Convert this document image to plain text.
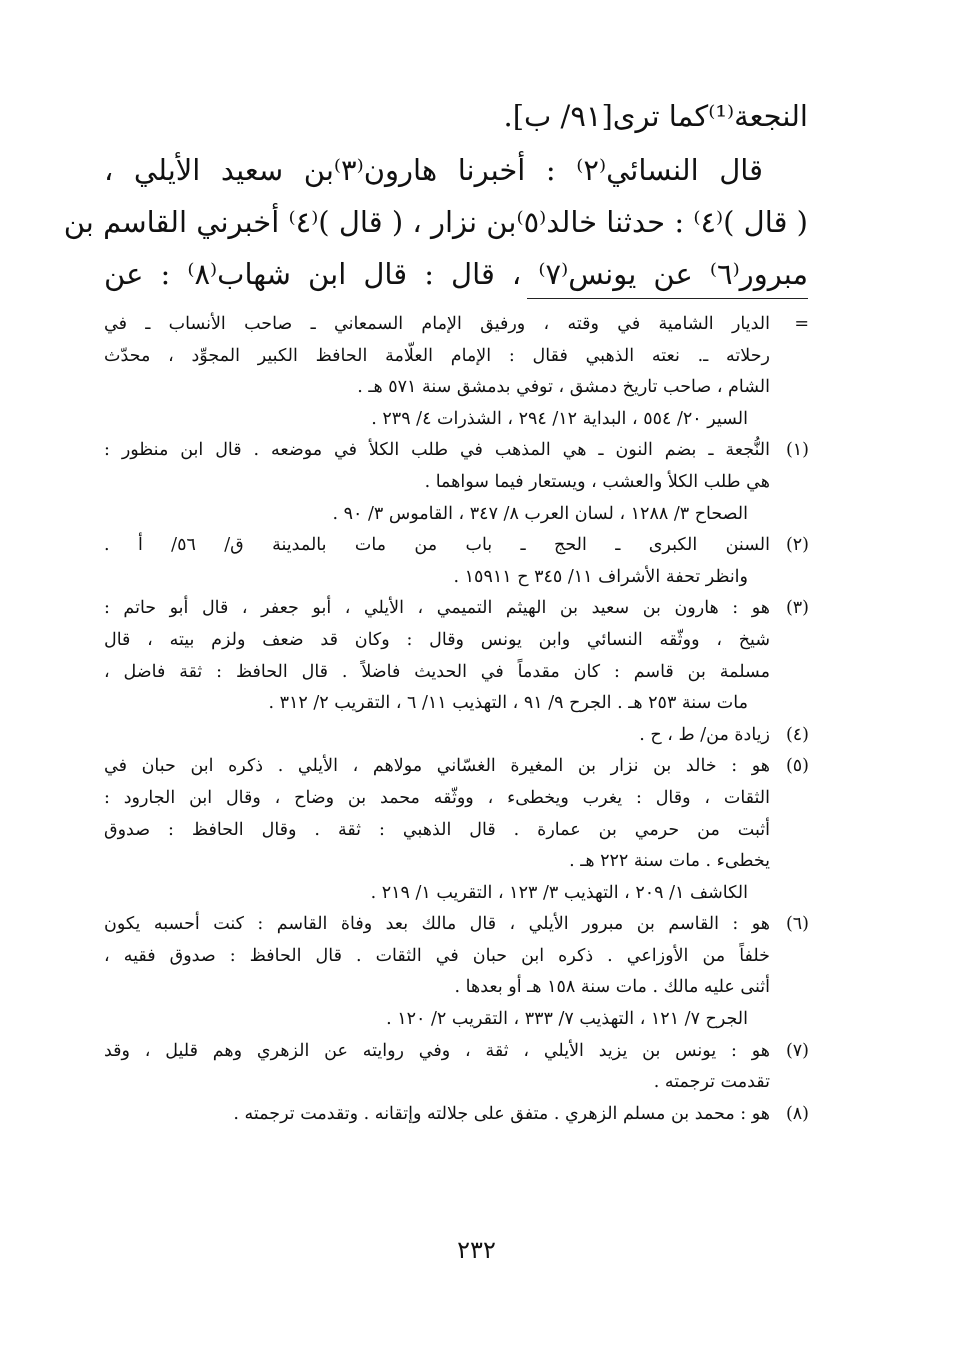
النجعة⁽¹⁾كما ترى[٩١/ ب].
قال النسائي⁽٢⁾ : أخبرنا هارون⁽٣⁾بن سعيد الأيلي ،
( قال )⁽٤⁾ : حدثنا خالد⁽٥⁾بن نزار ، ( قال )⁽٤⁾ أخبرني القاسم بن
مبرور⁽٦⁾ عن يونس⁽٧⁾ ، قال : قال ابن شهاب⁽٨⁾ : عن
=
الديار الشامية في وقته ، ورفيق الإمام السمعاني ـ صاحب الأنساب ـ في
رحلاته ـ. نعته الذهبي فقال : الإمام العلّامة الحافظ الكبير المجوِّد ، محدّث
الشام ، صاحب تاريخ دمشق ، توفي بدمشق سنة ٥٧١ هـ .
السير ٢٠/ ٥٥٤ ، البداية ١٢/ ٢٩٤ ، الشذرات ٤/ ٢٣٩ .
(١)
النُّجعة ـ بضم النون ـ هي المذهب في طلب الكلأ في موضعه . قال ابن منظور :
هي طلب الكلأ والعشب ، ويستعار فيما سواهما .
الصحاح ٣/ ١٢٨٨ ، لسان العرب ٨/ ٣٤٧ ، القاموس ٣/ ٩٠ .
(٢)
السنن الكبرى ـ الحج ـ باب من مات بالمدينة ق/ ٥٦/ أ .
وانظر تحفة الأشراف ١١/ ٣٤٥ ح ١٥٩١١ .
(٣)
هو : هارون بن سعيد بن الهيثم التميمي ، الأيلي ، أبو جعفر ، قال أبو حاتم :
شيخ ، ووثّقه النسائي وابن يونس وقال : وكان قد ضعف ولزم بيته ، قال
مسلمة بن قاسم : كان مقدماً في الحديث فاضلاً . قال الحافظ : ثقة فاضل ،
مات سنة ٢٥٣ هـ . الجرح ٩/ ٩١ ، التهذيب ١١/ ٦ ، التقريب ٢/ ٣١٢ .
(٤)
زيادة من/ ط ، ح .
(٥)
هو : خالد بن نزار بن المغيرة الغسّاني مولاهم ، الأيلي . ذكره ابن حبان في
الثقات ، وقال : يغرب ويخطىء ، ووثّقه محمد بن وضاح ، وقال ابن الجارود :
أثبت من حرمي بن عمارة . قال الذهبي : ثقة . وقال الحافظ : صدوق
يخطىء . مات سنة ٢٢٢ هـ .
الكاشف ١/ ٢٠٩ ، التهذيب ٣/ ١٢٣ ، التقريب ١/ ٢١٩ .
(٦)
هو : القاسم بن مبرور الأيلي ، قال مالك بعد وفاة القاسم : كنت أحسبه يكون
خلفاً من الأوزاعي . ذكره ابن حبان في الثقات . قال الحافظ : صدوق فقيه ،
أثنى عليه مالك . مات سنة ١٥٨ هـ أو بعدها .
الجرح ٧/ ١٢١ ، التهذيب ٧/ ٣٣٣ ، التقريب ٢/ ١٢٠ .
(٧)
هو : يونس بن يزيد الأيلي ، ثقة ، وفي روايته عن الزهري وهم قليل ، وقد
تقدمت ترجمته .
(٨)
هو : محمد بن مسلم الزهري . متفق على جلالته وإتقانه . وتقدمت ترجمته .
٢٣٢
